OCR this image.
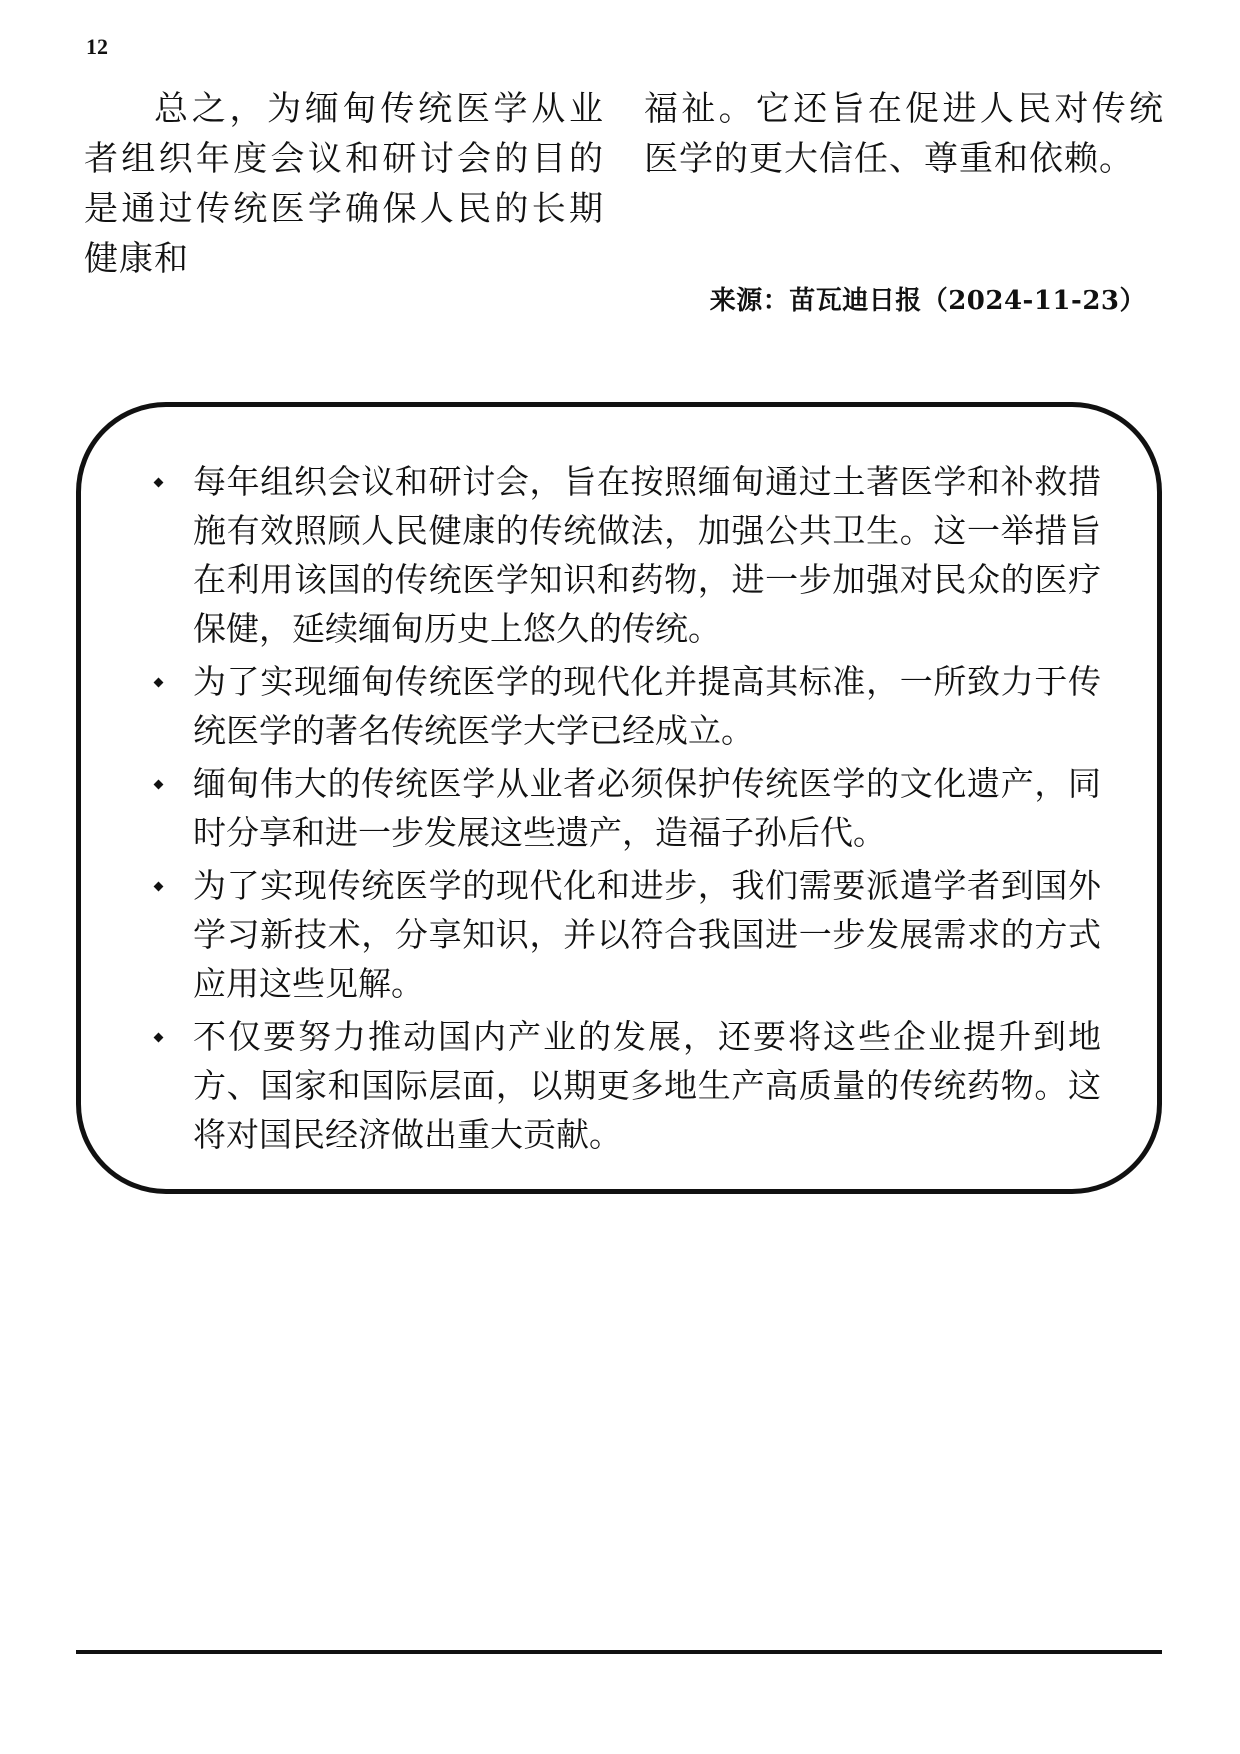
12

总之，为缅甸传统医学从业者组织年度会议和研讨会的目的是通过传统医学确保人民的长期健康和

福祉。它还旨在促进人民对传统医学的更大信任、尊重和依赖。

来源：苗瓦迪日报（2024-11-23）
每年组织会议和研讨会，旨在按照缅甸通过土著医学和补救措施有效照顾人民健康的传统做法，加强公共卫生。这一举措旨在利用该国的传统医学知识和药物，进一步加强对民众的医疗保健，延续缅甸历史上悠久的传统。
为了实现缅甸传统医学的现代化并提高其标准，一所致力于传统医学的著名传统医学大学已经成立。
缅甸伟大的传统医学从业者必须保护传统医学的文化遗产，同时分享和进一步发展这些遗产，造福子孙后代。
为了实现传统医学的现代化和进步，我们需要派遣学者到国外学习新技术，分享知识，并以符合我国进一步发展需求的方式应用这些见解。
不仅要努力推动国内产业的发展，还要将这些企业提升到地方、国家和国际层面，以期更多地生产高质量的传统药物。这将对国民经济做出重大贡献。
